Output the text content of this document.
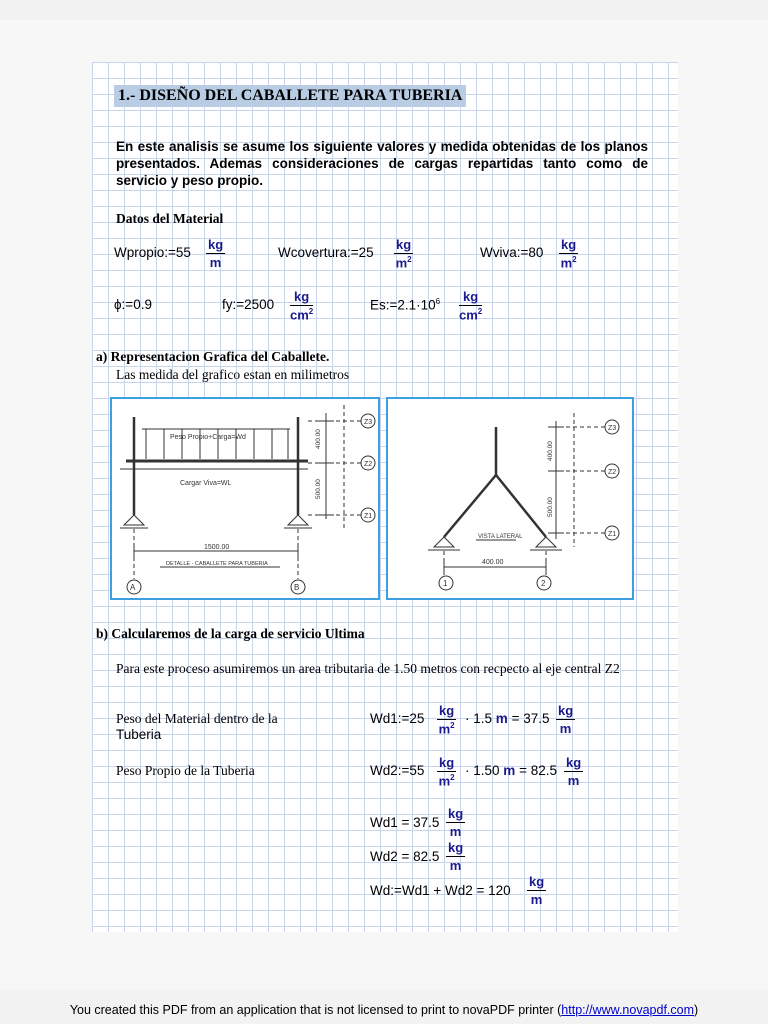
1.- DISEÑO DEL CABALLETE PARA TUBERIA
En este analisis se asume los siguiente valores y medida obtenidas de los planos presentados. Ademas consideraciones de cargas repartidas tanto como de servicio y peso propio.
Datos del Material
Wpropio:=55 $\frac{kg}{m}$	Wcovertura:=25 $\frac{kg}{m^2}$	Wviva:=80 $\frac{kg}{m^2}$
ϕ:=0.9	fy:=2500 $\frac{kg}{cm^2}$	$Es:=2.1\cdot 10^6 \frac{kg}{cm^2}$
a) Representacion Grafica del Caballete.
Las medida del grafico estan en milimetros
Peso Propio+Carga=Wd
Cargar Viva=WL
400.00
500.00
1500.00
DETALLE - CABALLETE PARA TUBERIA
Z3
Z2
Z1
A	B
400.00
500.00
VISTA LATERAL
400.00
Z3
Z2
Z1
1	2
b) Calcularemos de la carga de servicio Ultima
Para este proceso asumiremos un area tributaria de 1.50 metros con recpecto al eje central Z2
Peso del Material dentro de la
Tuberia
Wd1:=25 $\frac{kg}{m^2} \cdot 1.5$ $m = 37.5 \frac{kg}{m}$
Peso Propio de la Tuberia	Wd2:=55 $\frac{kg}{m^2} \cdot 1.50$ $m = 82.5 \frac{kg}{m}$
$Wd1 = 37.5 \frac{kg}{m}$
$Wd2 = 82.5 \frac{kg}{m}$
Wd:=Wd1 + $Wd2 = 120 \frac{kg}{m}$
You created this PDF from an application that is not licensed to print to novaPDF printer (http://www.novapdf.com)
